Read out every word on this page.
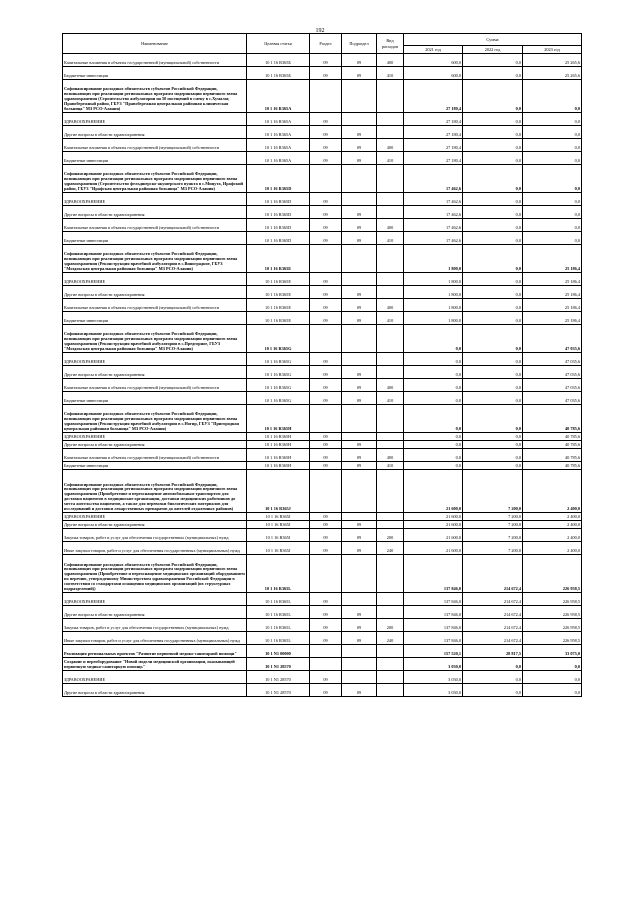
192
Наименование	Целевая статья	Раздел	Подраздел	Вид расходов	Сумма		
					2021 год	2022 год	2023 год
Капитальные вложения в объекты государственной (муниципальной) собственности	10 1 16 R365Б	09	09	400	600,0	0,0	25 265,6
Бюджетные инвестиции	10 1 16 R365Б	09	09	410	600,0	0,0	25 265,6
Софинансирование расходных обязательств субъектов Российской Федерации, возникающих при реализации региональных программ модернизации первичного звена здравоохранения (Строительство амбулатории на 50 посещений в смену в с.Хумалаг, Правобережный район, ГБУЗ "Правобережная центральная районная клиническая больница" МЗ РСО-Алания)	10 1 16 R365А				27 180,4	0,0	0,0
ЗДРАВООХРАНЕНИЕ	10 1 16 R365А	09			27 180,4	0,0	0,0
Другие вопросы в области здравоохранения	10 1 16 R365А	09	09		27 180,4	0,0	0,0
Капитальные вложения в объекты государственной (муниципальной) собственности	10 1 16 R365А	09	09	400	27 180,4	0,0	0,0
Бюджетные инвестиции	10 1 16 R365А	09	09	410	27 180,4	0,0	0,0
Софинансирование расходных обязательств субъектов Российской Федерации, возникающих при реализации региональных программ модернизации первичного звена здравоохранения (Строительство фельдшерско-акушерского пункта в с.Мицута, Ирафский район, ГБУЗ "Ирафская центральная районная больница" МЗ РСО-Алания)	10 1 16 R365D				17 462,6	0,0	0,0
ЗДРАВООХРАНЕНИЕ	10 1 16 R365D	09			17 462,6	0,0	0,0
Другие вопросы в области здравоохранения	10 1 16 R365D	09	09		17 462,6	0,0	0,0
Капитальные вложения в объекты государственной (муниципальной) собственности	10 1 16 R365D	09	09	400	17 462,6	0,0	0,0
Бюджетные инвестиции	10 1 16 R365D	09	09	410	17 462,6	0,0	0,0
Софинансирование расходных обязательств субъектов Российской Федерации, возникающих при реализации региональных программ модернизации первичного звена здравоохранения (Реконструкция врачебной амбулатории в с.Виноградное, ГБУЗ "Моздокская центральная районная больница" МЗ РСО-Алания)	10 1 16 R365Е				1 800,0	0,0	25 186,4
ЗДРАВООХРАНЕНИЕ	10 1 16 R365Е	09			1 800,0	0,0	25 186,4
Другие вопросы в области здравоохранения	10 1 16 R365Е	09	09		1 800,0	0,0	25 186,4
Капитальные вложения в объекты государственной (муниципальной) собственности	10 1 16 R365Е	09	09	400	1 800,0	0,0	25 186,4
Бюджетные инвестиции	10 1 16 R365Е	09	09	410	1 800,0	0,0	25 186,4
Софинансирование расходных обязательств субъектов Российской Федерации, возникающих при реализации региональных программ модернизации первичного звена здравоохранения (Реконструкция врачебной амбулатории в с.Предгорное, ГБУЗ "Моздокская центральная районная больница" МЗ РСО-Алания)	10 1 16 R365G				0,0	0,0	47 035,6
ЗДРАВООХРАНЕНИЕ	10 1 16 R365G	09			0,0	0,0	47 035,6
Другие вопросы в области здравоохранения	10 1 16 R365G	09	09		0,0	0,0	47 035,6
Капитальные вложения в объекты государственной (муниципальной) собственности	10 1 16 R365G	09	09	400	0,0	0,0	47 035,6
Бюджетные инвестиции	10 1 16 R365G	09	09	410	0,0	0,0	47 035,6
Софинансирование расходных обязательств субъектов Российской Федерации, возникающих при реализации региональных программ модернизации первичного звена здравоохранения (Реконструкция врачебной амбулатории в с.Ногир, ГБУЗ "Пригородная центральная районная больница" МЗ РСО-Алания)	10 1 16 R365Н				0,0	0,0	40 785,6
ЗДРАВООХРАНЕНИЕ	10 1 16 R365Н	09			0,0	0,0	40 785,6
Другие вопросы в области здравоохранения	10 1 16 R365Н	09	09		0,0	0,0	40 785,6
Капитальные вложения в объекты государственной (муниципальной) собственности	10 1 16 R365Н	09	09	400	0,0	0,0	40 785,6
Бюджетные инвестиции	10 1 16 R365Н	09	09	410	0,0	0,0	40 785,6
Софинансирование расходных обязательств субъектов Российской Федерации, возникающих при реализации региональных программ модернизации первичного звена здравоохранения (Приобретение и переоснащение автомобильным транспортом для доставки пациентов в медицинские организации, доставки медицинских работников до места жительства пациентов, а также для перевозки биологических материалов для исследований и доставки лекарственных препаратов до жителей отдаленных районов)	10 1 16 R365J				21 600,0	7 200,0	2 400,0
ЗДРАВООХРАНЕНИЕ	10 1 16 R365J	09			21 600,0	7 200,0	2 400,0
Другие вопросы в области здравоохранения	10 1 16 R365J	09	09		21 600,0	7 200,0	2 400,0
Закупка товаров, работ и услуг для обеспечения государственных (муниципальных) нужд	10 1 16 R365J	09	09	200	21 600,0	7 200,0	2 400,0
Иные закупки товаров, работ и услуг для обеспечения государственных (муниципальных) нужд	10 1 16 R365J	09	09	240	21 600,0	7 200,0	2 400,0
Софинансирование расходных обязательств субъектов Российской Федерации, возникающих при реализации региональных программ модернизации первичного звена здравоохранения (Приобретение и переоснащение медицинских организаций оборудованием по перечню, утвержденному Министерством здравоохранения Российской Федерации в соответствии со стандартами оснащения медицинских организаций (их структурных подразделений))	10 1 16 R365L				137 846,0	214 672,4	226 958,5
ЗДРАВООХРАНЕНИЕ	10 1 16 R365L	09			137 846,0	214 672,4	226 958,5
Другие вопросы в области здравоохранения	10 1 16 R365L	09	09		137 846,0	214 672,4	226 958,5
Закупка товаров, работ и услуг для обеспечения государственных (муниципальных) нужд	10 1 16 R365L	09	09	200	137 846,0	214 672,4	226 958,5
Иные закупки товаров, работ и услуг для обеспечения государственных (муниципальных) нужд	10 1 16 R365L	09	09	240	137 846,0	214 672,4	226 958,5
Реализация региональных проектов "Развитие первичной медико-санитарной помощи"	10 1 N1 00000				157 520,1	28 817,5	33 075,0
Создание и переоборудование "Новой модели медицинской организации, оказывающей первичную медико-санитарную помощь"	10 1 N1 28570				3 030,0	0,0	0,0
ЗДРАВООХРАНЕНИЕ	10 1 N1 28570	09			3 030,0	0,0	0,0
Другие вопросы в области здравоохранения	10 1 N1 28570	09	09		3 030,0	0,0	0,0
